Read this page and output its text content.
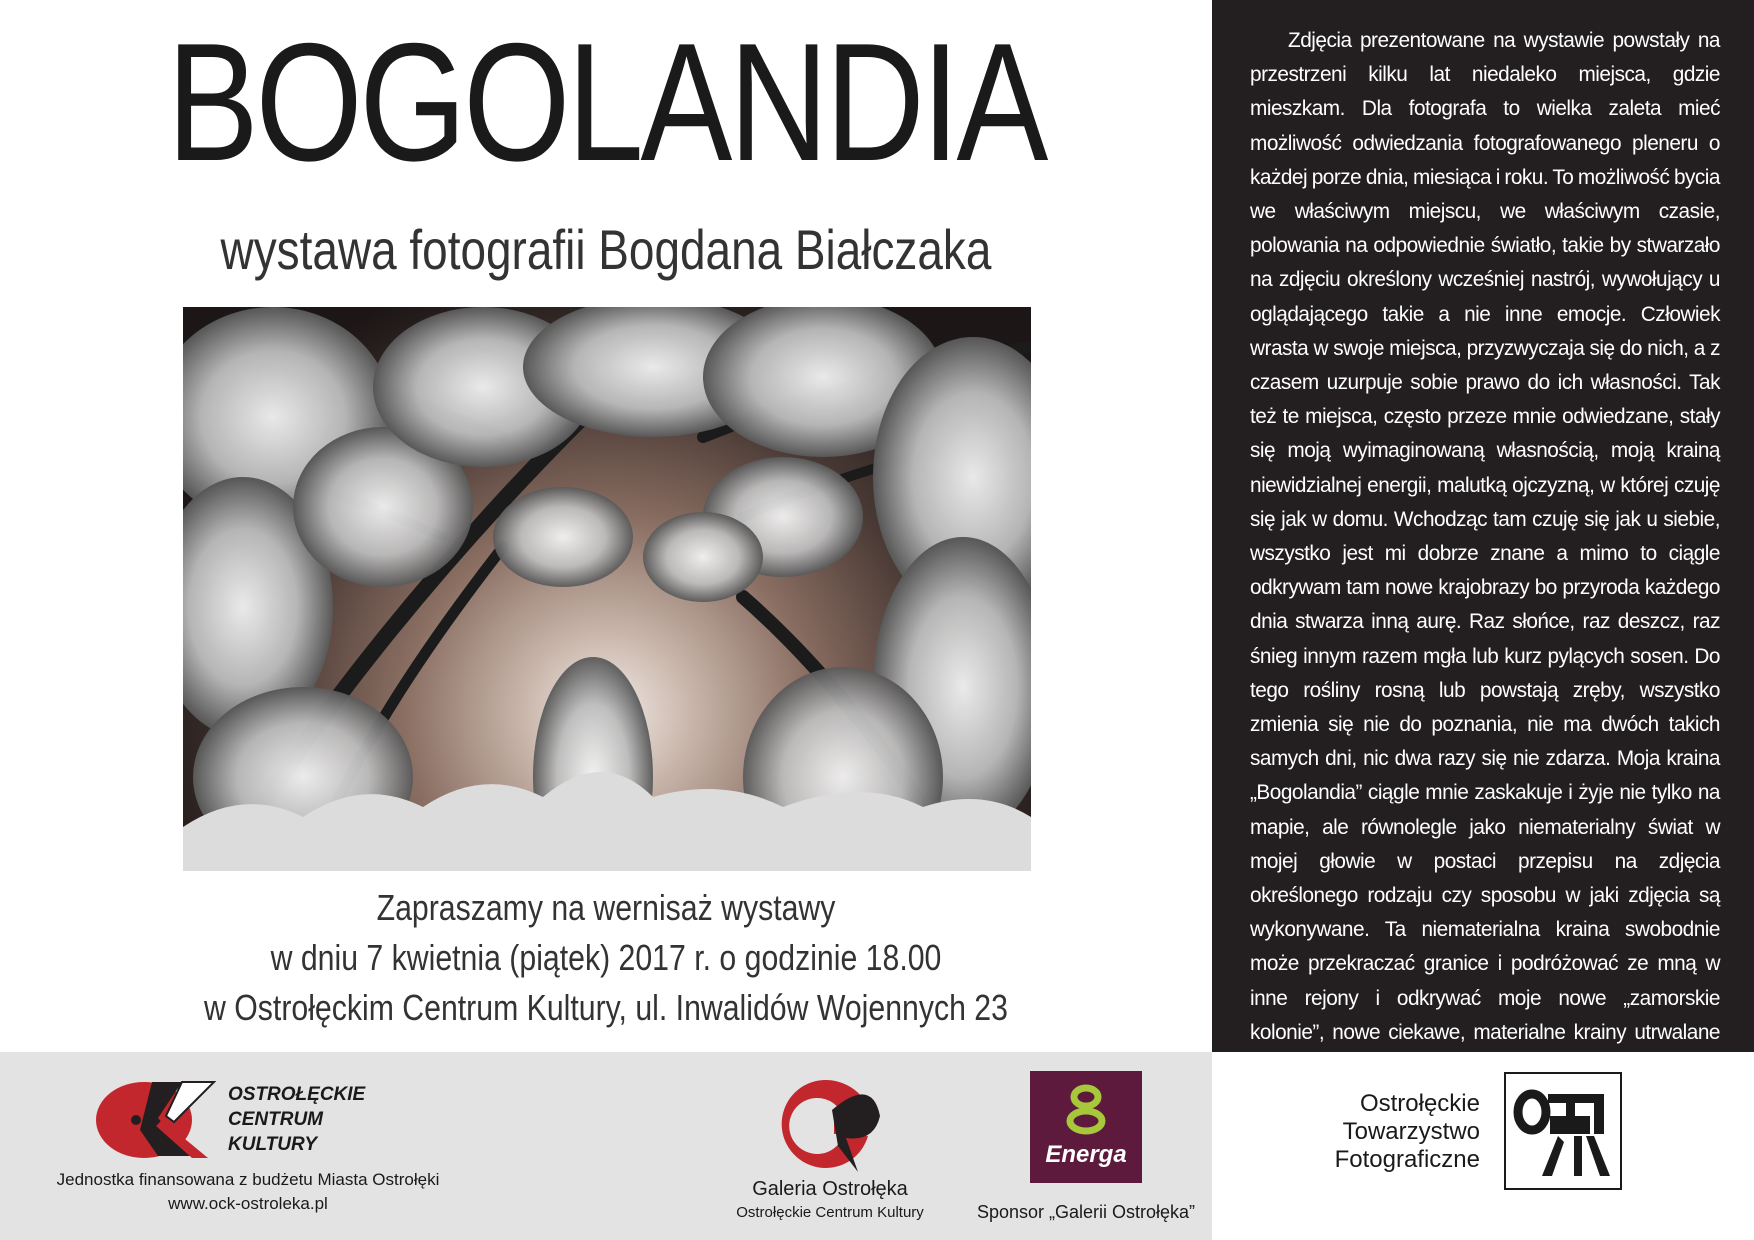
BOGOLANDIA
wystawa fotografii Bogdana Białczaka
Zapraszamy na wernisaż wystawy
w dniu 7 kwietnia (piątek) 2017 r. o godzinie 18.00
w Ostrołęckim Centrum Kultury, ul. Inwalidów Wojennych 23

Zdjęcia prezentowane na wystawie powstały na przestrzeni kilku lat niedaleko miejsca, gdzie mieszkam. Dla fotografa to wielka zaleta mieć możliwość odwiedzania fotografowanego pleneru o każdej porze dnia, miesiąca i roku. To możliwość bycia we właściwym miejscu, we właściwym czasie, polowania na odpowiednie światło, takie by stwarzało na zdjęciu określony wcześniej nastrój, wywołujący u oglądającego takie a nie inne emocje. Człowiek wrasta w swoje miejsca, przyzwyczaja się do nich, a z czasem uzurpuje sobie prawo do ich własności. Tak też te miejsca, często przeze mnie odwiedzane, stały się moją wyimaginowaną własnością, moją krainą niewidzialnej energii, malutką ojczyzną, w której czuję się jak w domu. Wchodząc tam czuję się jak u siebie, wszystko jest mi dobrze znane a mimo to ciągle odkrywam tam nowe krajobrazy bo przyroda każdego dnia stwarza inną aurę. Raz słońce, raz deszcz, raz śnieg innym razem mgła lub kurz pylących sosen. Do tego rośliny rosną lub powstają zręby, wszystko zmienia się nie do poznania, nie ma dwóch takich samych dni, nic dwa razy się nie zdarza. Moja kraina „Bogolandia” ciągle mnie zaskakuje i żyje nie tylko na mapie, ale równolegle jako niematerialny świat w mojej głowie w postaci przepisu na zdjęcia określonego rodzaju czy sposobu w jaki zdjęcia są wykonywane. Ta niematerialna kraina swobodnie może przekraczać granice i podróżować ze mną w inne rejony i odkrywać moje nowe „zamorskie kolonie”, nowe ciekawe, materialne krainy utrwalane

OSTROŁĘCKIE
CENTRUM
KULTURY
Jednostka finansowana z budżetu Miasta Ostrołęki
www.ock-ostroleka.pl
Galeria Ostrołęka
Ostrołęckie Centrum Kultury
Energa
Sponsor „Galerii Ostrołęka”
Ostrołęckie
Towarzystwo
Fotograficzne
